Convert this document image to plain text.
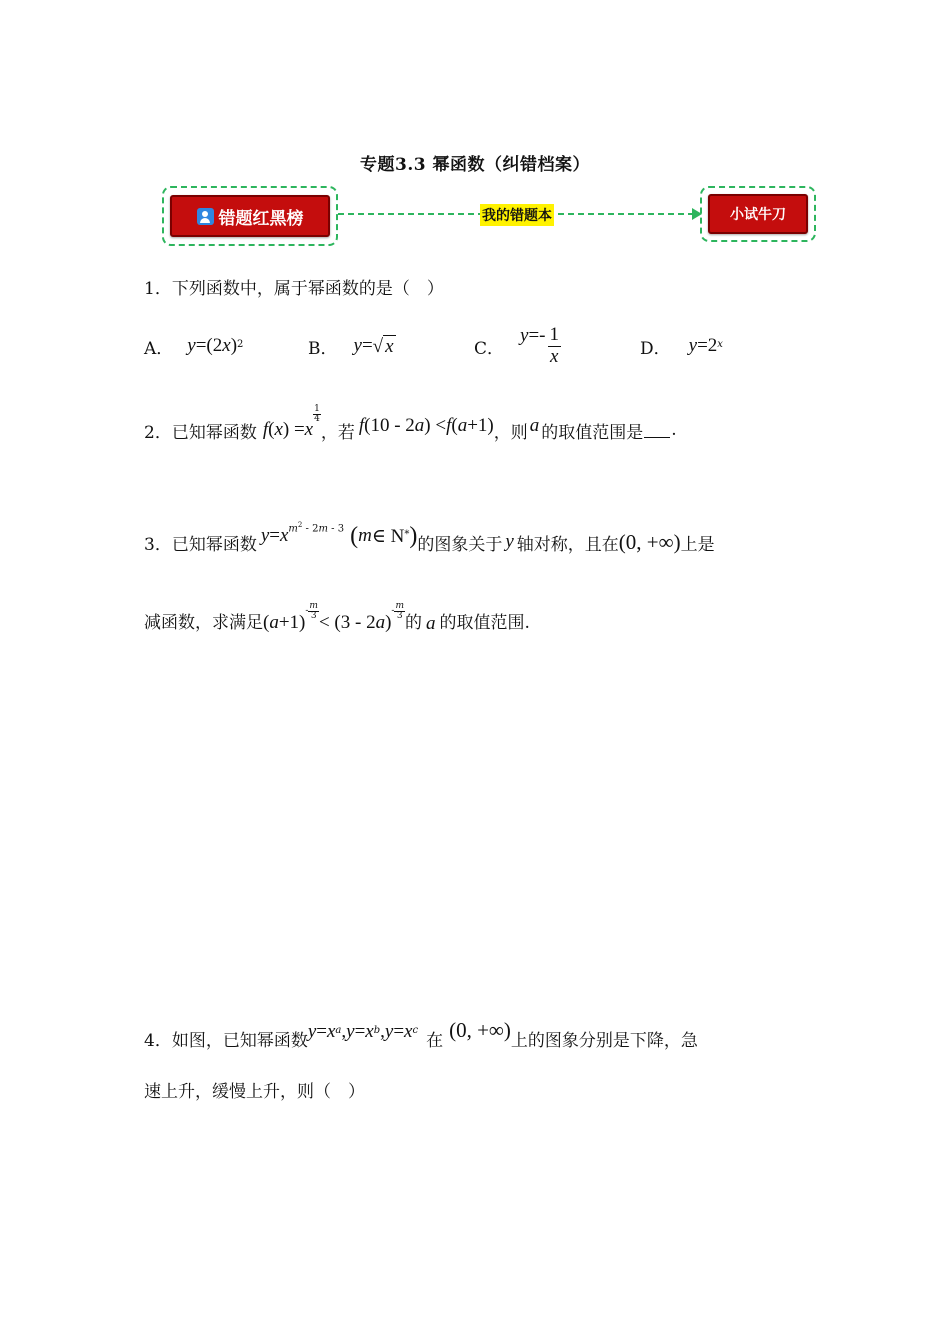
专题3.3 幂函数（纠错档案）
错题红黑榜	我的错题本	小试牛刀
1． 下列函数中，属于幂函数的是（　）
A． y =(2 x )$^2$	B． y = √ x	C．
$y =- \frac{1}{x}$	D． y =2 $^x$
2． 已知幂函数 f ( x ) = x
$\frac{1}{4}$
，若 f (10 - 2 a ) < f ( a +1) ，则 a 的取值范围是 .
3． 已知幂函数 y = x $m^2 - 2m - 3$ ( m ∈ N* ) 的图象关于 y 轴对称，且在 (0, +∞) 上是
减函数，求满足 ( a +1)
- $\frac{m}{3}$
< (3 - 2 a )
- $\frac{m}{3}$
的 a 的取值范围.
4． 如图，已知幂函数 y = x $^a$ , y = x $^b$ , y = x $^c$
在 (0, +∞) 上的图象分别是下降，急
速上升，缓慢上升，则（　）
